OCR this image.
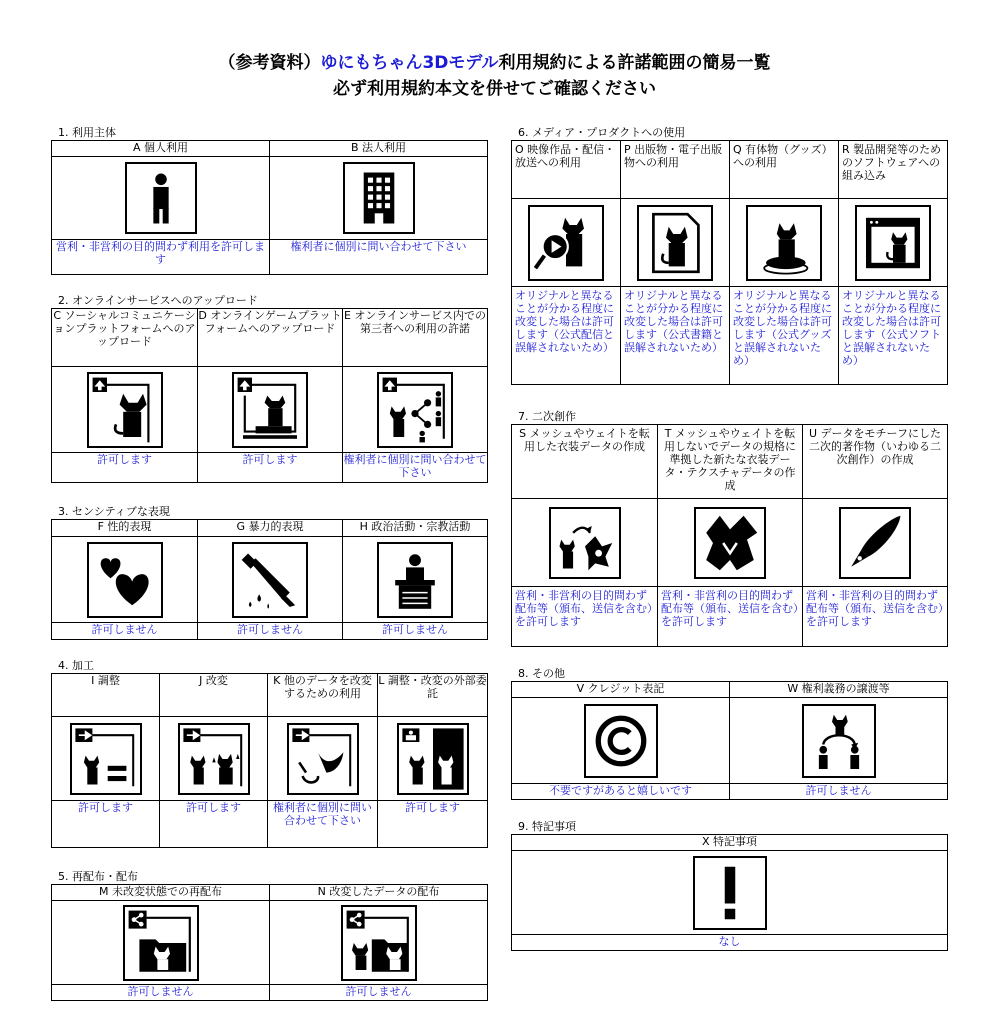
（参考資料）ゆにもちゃん3Dモデル利用規約による許諾範囲の簡易一覧
必ず利用規約本文を併せてご確認ください
1. 利用主体
A 個人利用	B 法人利用

営利・非営利の目的問わず利用を許可します	権利者に個別に問い合わせて下さい
2. オンラインサービスへのアップロード
C ソーシャルコミュニケーションプラットフォームへのアップロード	D オンラインゲームプラットフォームへのアップロード	E オンラインサービス内での第三者への利用の許諾

許可します	許可します	権利者に個別に問い合わせて下さい
3. センシティブな表現
F 性的表現	G 暴力的表現	H 政治活動・宗教活動

許可しません	許可しません	許可しません
4. 加工
I 調整	J 改変	K 他のデータを改変するための利用	L 調整・改変の外部委託

許可します	許可します	権利者に個別に問い合わせて下さい	許可します
5. 再配布・配布
M 未改変状態での再配布	N 改変したデータの配布

許可しません	許可しません
6. メディア・プロダクトへの使用
O 映像作品・配信・放送への利用	P 出版物・電子出版物への利用	Q 有体物（グッズ）への利用	R 製品開発等のためのソフトウェアへの組み込み

オリジナルと異なることが分かる程度に改変した場合は許可します（公式配信と誤解されないため）	オリジナルと異なることが分かる程度に改変した場合は許可します（公式書籍と誤解されないため）	オリジナルと異なることが分かる程度に改変した場合は許可します（公式グッズと誤解されないため）	オリジナルと異なることが分かる程度に改変した場合は許可します（公式ソフトと誤解されないため）
7. 二次創作
S メッシュやウェイトを転用した衣装データの作成	T メッシュやウェイトを転用しないでデータの規格に準拠した新たな衣装データ・テクスチャデータの作成	U データをモチーフにした二次的著作物（いわゆる二次創作）の作成

営利・非営利の目的問わず配布等（頒布、送信を含む）を許可します	営利・非営利の目的問わず配布等（頒布、送信を含む）を許可します	営利・非営利の目的問わず配布等（頒布、送信を含む）を許可します
8. その他
V クレジット表記	W 権利義務の譲渡等

不要ですがあると嬉しいです	許可しません
9. 特記事項
X 特記事項

なし
